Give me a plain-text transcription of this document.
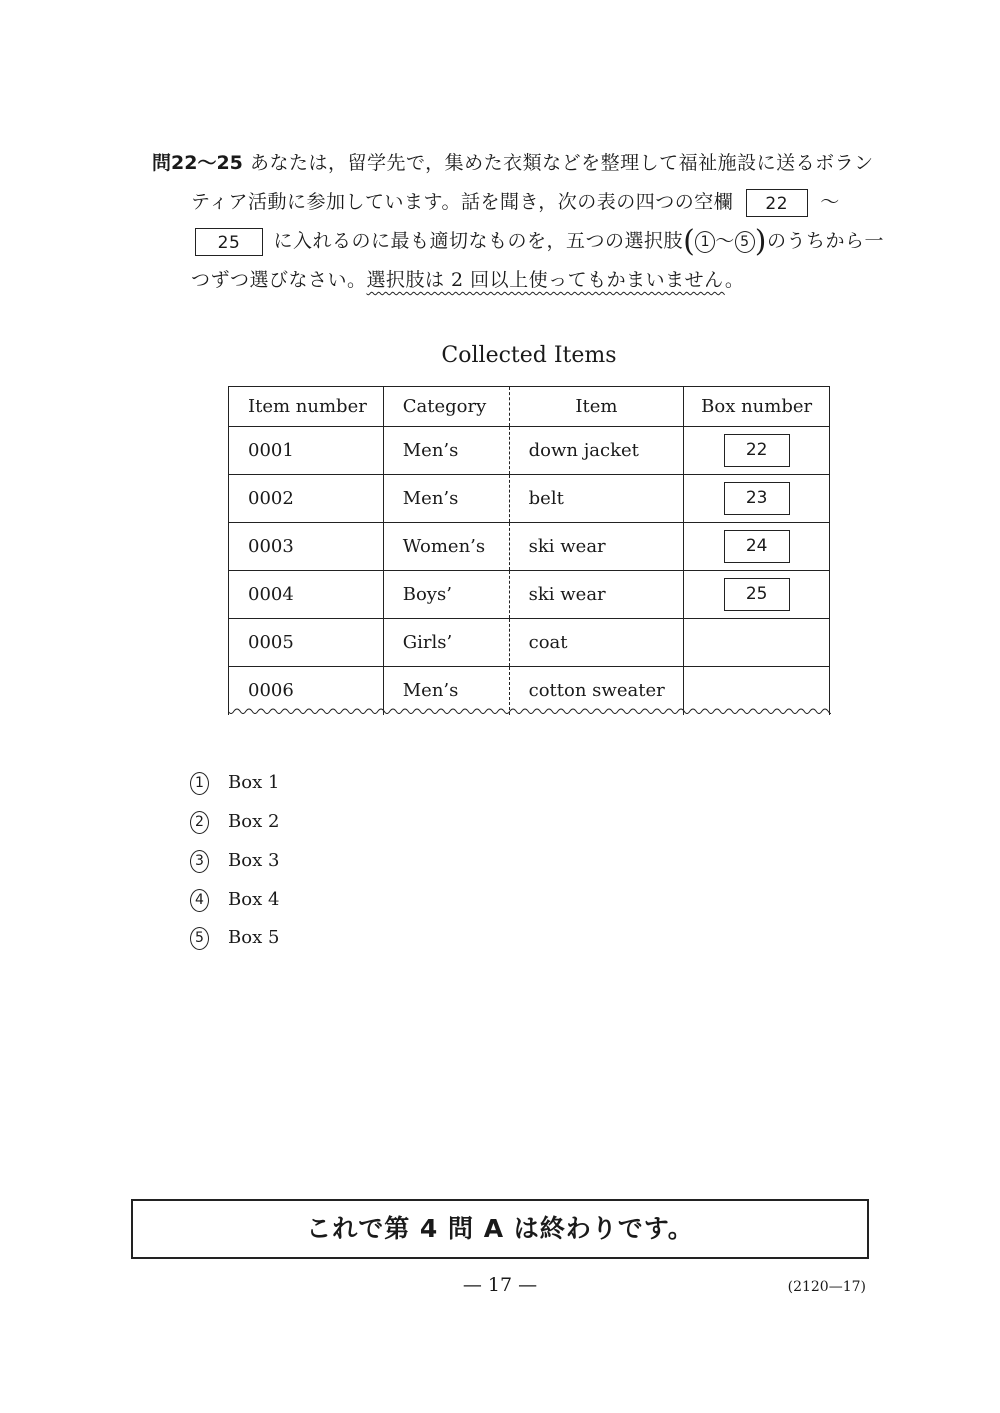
問22～25 あなたは，留学先で，集めた衣類などを整理して福祉施設に送るボラン
ティア活動に参加しています。話を聞き，次の表の四つの空欄 22 ～
25 に入れるのに最も適切なものを，五つの選択肢( 1 ～ 5 )のうちから一
つずつ選びなさい。選択肢は 2 回以上使ってもかまいません。
Collected Items
Item number	Category	Item	Box number
0001	Men’s	down jacket	22
0002	Men’s	belt	23
0003	Women’s	ski wear	24
0004	Boys’	ski wear	25
0005	Girls’	coat	
0006	Men’s	cotton sweater	
1 Box 1
2 Box 2
3 Box 3
4 Box 4
5 Box 5
これで第 4 問 A は終わりです。
— 17 —	(2120—17)
